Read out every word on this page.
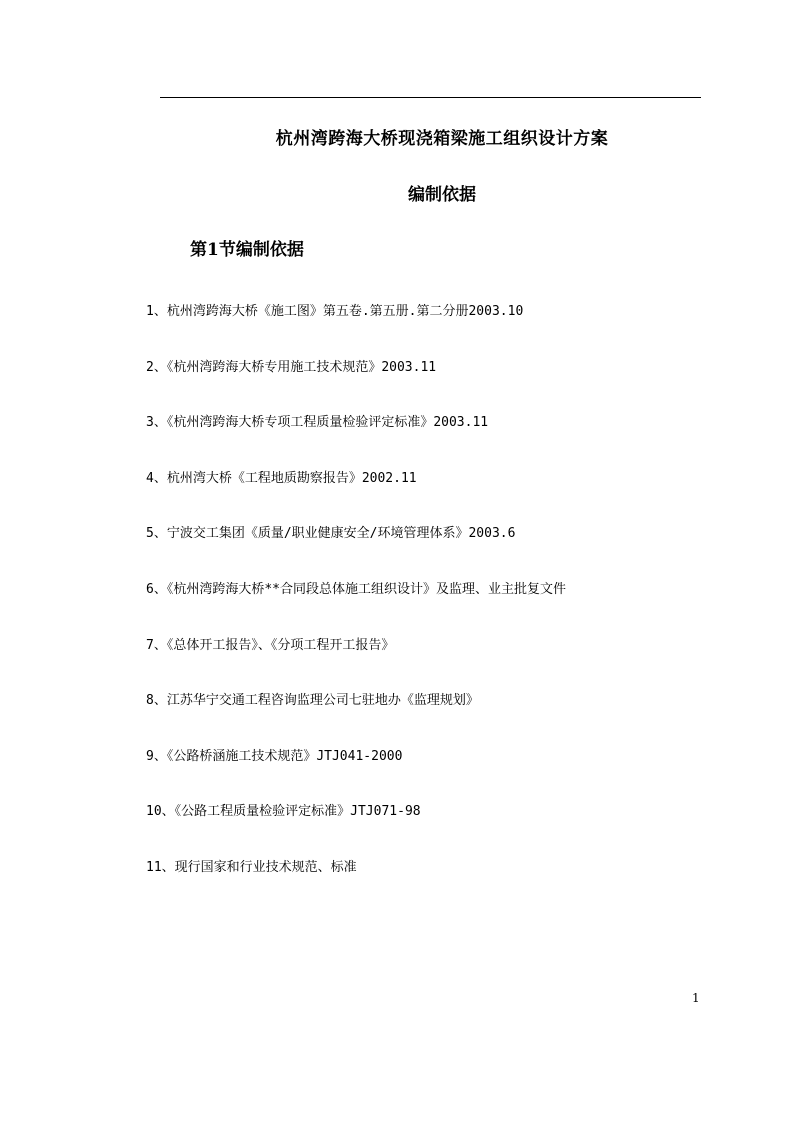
杭州湾跨海大桥现浇箱梁施工组织设计方案
编制依据
第1节编制依据
1、杭州湾跨海大桥《施工图》第五卷.第五册.第二分册2003.10
2、《杭州湾跨海大桥专用施工技术规范》2003.11
3、《杭州湾跨海大桥专项工程质量检验评定标准》2003.11
4、杭州湾大桥《工程地质勘察报告》2002.11
5、宁波交工集团《质量/职业健康安全/环境管理体系》2003.6
6、《杭州湾跨海大桥**合同段总体施工组织设计》及监理、业主批复文件
7、《总体开工报告》、《分项工程开工报告》
8、江苏华宁交通工程咨询监理公司七驻地办《监理规划》
9、《公路桥涵施工技术规范》JTJ041-2000
10、《公路工程质量检验评定标准》JTJ071-98
11、现行国家和行业技术规范、标准
1
